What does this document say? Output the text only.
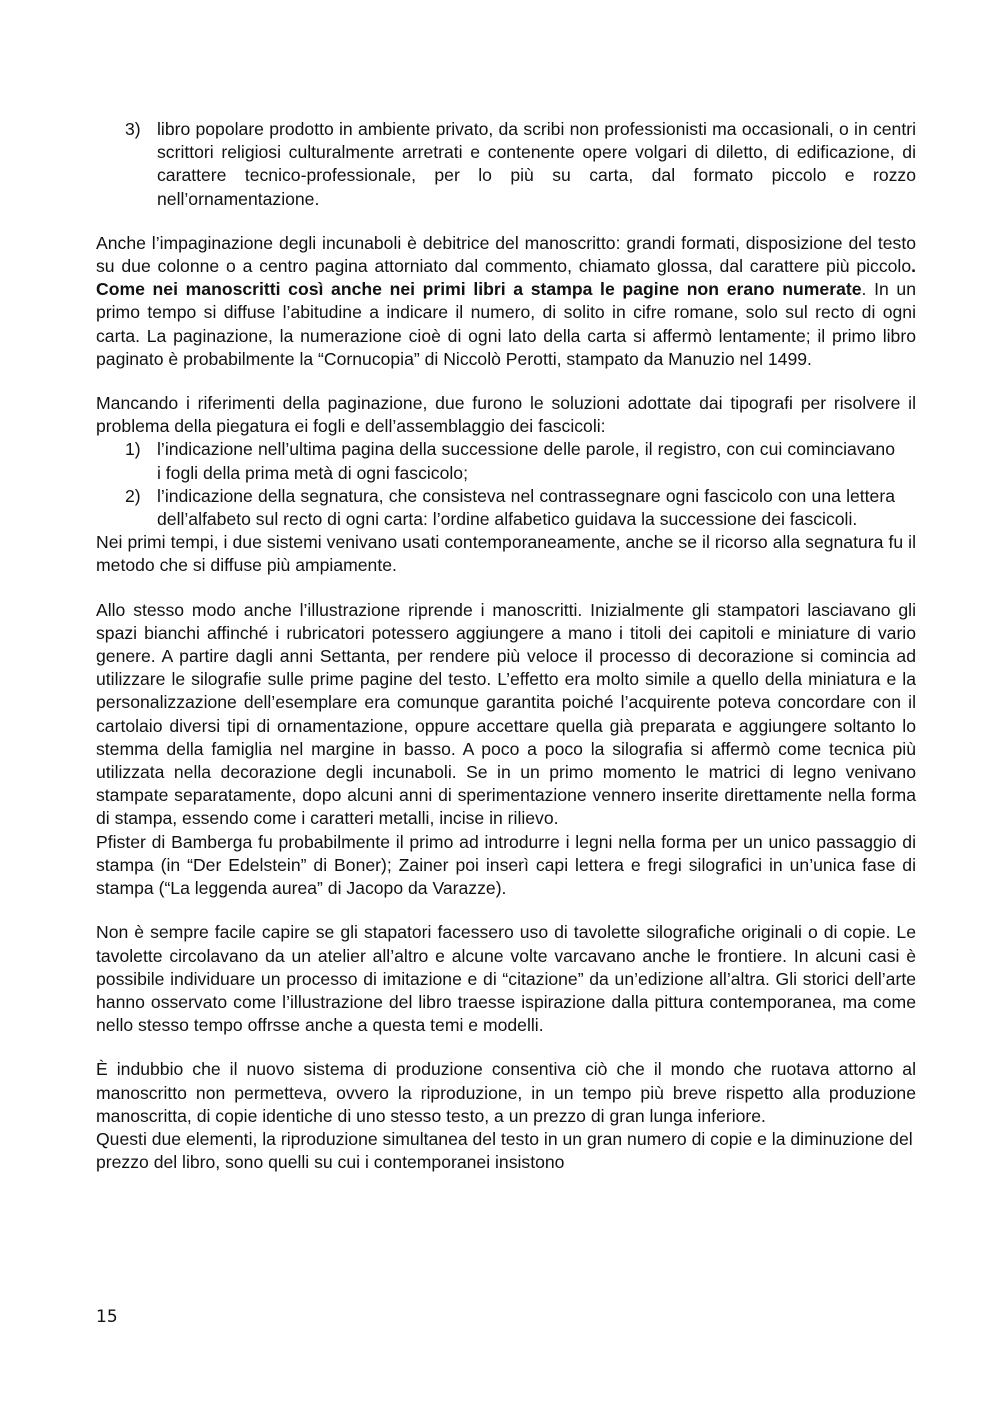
3) libro popolare prodotto in ambiente privato, da scribi non professionisti ma occasionali, o in centri scrittori religiosi culturalmente arretrati e contenente opere volgari di diletto, di edificazione, di carattere tecnico-professionale, per lo più su carta, dal formato piccolo e rozzo nell’ornamentazione.

Anche l’impaginazione degli incunaboli è debitrice del manoscritto: grandi formati, disposizione del testo su due colonne o a centro pagina attorniato dal commento, chiamato glossa, dal carattere più piccolo. Come nei manoscritti così anche nei primi libri a stampa le pagine non erano numerate. In un primo tempo si diffuse l’abitudine a indicare il numero, di solito in cifre romane, solo sul recto di ogni carta. La paginazione, la numerazione cioè di ogni lato della carta si affermò lentamente; il primo libro paginato è probabilmente la “Cornucopia” di Niccolò Perotti, stampato da Manuzio nel 1499.

Mancando i riferimenti della paginazione, due furono le soluzioni adottate dai tipografi per risolvere il problema della piegatura ei fogli e dell’assemblaggio dei fascicoli:

1) l’indicazione nell’ultima pagina della successione delle parole, il registro, con cui cominciavano i fogli della prima metà di ogni fascicolo;
2) l’indicazione della segnatura, che consisteva nel contrassegnare ogni fascicolo con una lettera dell’alfabeto sul recto di ogni carta: l’ordine alfabetico guidava la successione dei fascicoli.

Nei primi tempi, i due sistemi venivano usati contemporaneamente, anche se il ricorso alla segnatura fu il metodo che si diffuse più ampiamente.

Allo stesso modo anche l’illustrazione riprende i manoscritti. Inizialmente gli stampatori lasciavano gli spazi bianchi affinché i rubricatori potessero aggiungere a mano i titoli dei capitoli e miniature di vario genere. A partire dagli anni Settanta, per rendere più veloce il processo di decorazione si comincia ad utilizzare le silografie sulle prime pagine del testo. L’effetto era molto simile a quello della miniatura e la personalizzazione dell’esemplare era comunque garantita poiché l’acquirente poteva concordare con il cartolaio diversi tipi di ornamentazione, oppure accettare quella già preparata e aggiungere soltanto lo stemma della famiglia nel margine in basso. A poco a poco la silografia si affermò come tecnica più utilizzata nella decorazione degli incunaboli. Se in un primo momento le matrici di legno venivano stampate separatamente, dopo alcuni anni di sperimentazione vennero inserite direttamente nella forma di stampa, essendo come i caratteri metalli, incise in rilievo.

Pfister di Bamberga fu probabilmente il primo ad introdurre i legni nella forma per un unico passaggio di stampa (in “Der Edelstein” di Boner); Zainer poi inserì capi lettera e fregi silografici in un’unica fase di stampa (“La leggenda aurea” di Jacopo da Varazze).

Non è sempre facile capire se gli stapatori facessero uso di tavolette silografiche originali o di copie. Le tavolette circolavano da un atelier all’altro e alcune volte varcavano anche le frontiere. In alcuni casi è possibile individuare un processo di imitazione e di “citazione” da un’edizione all’altra. Gli storici dell’arte hanno osservato come l’illustrazione del libro traesse ispirazione dalla pittura contemporanea, ma come nello stesso tempo offrsse anche a questa temi e modelli.

È indubbio che il nuovo sistema di produzione consentiva ciò che il mondo che ruotava attorno al manoscritto non permetteva, ovvero la riproduzione, in un tempo più breve rispetto alla produzione manoscritta, di copie identiche di uno stesso testo, a un prezzo di gran lunga inferiore.

Questi due elementi, la riproduzione simultanea del testo in un gran numero di copie e la diminuzione del prezzo del libro, sono quelli su cui i contemporanei insistono

15
